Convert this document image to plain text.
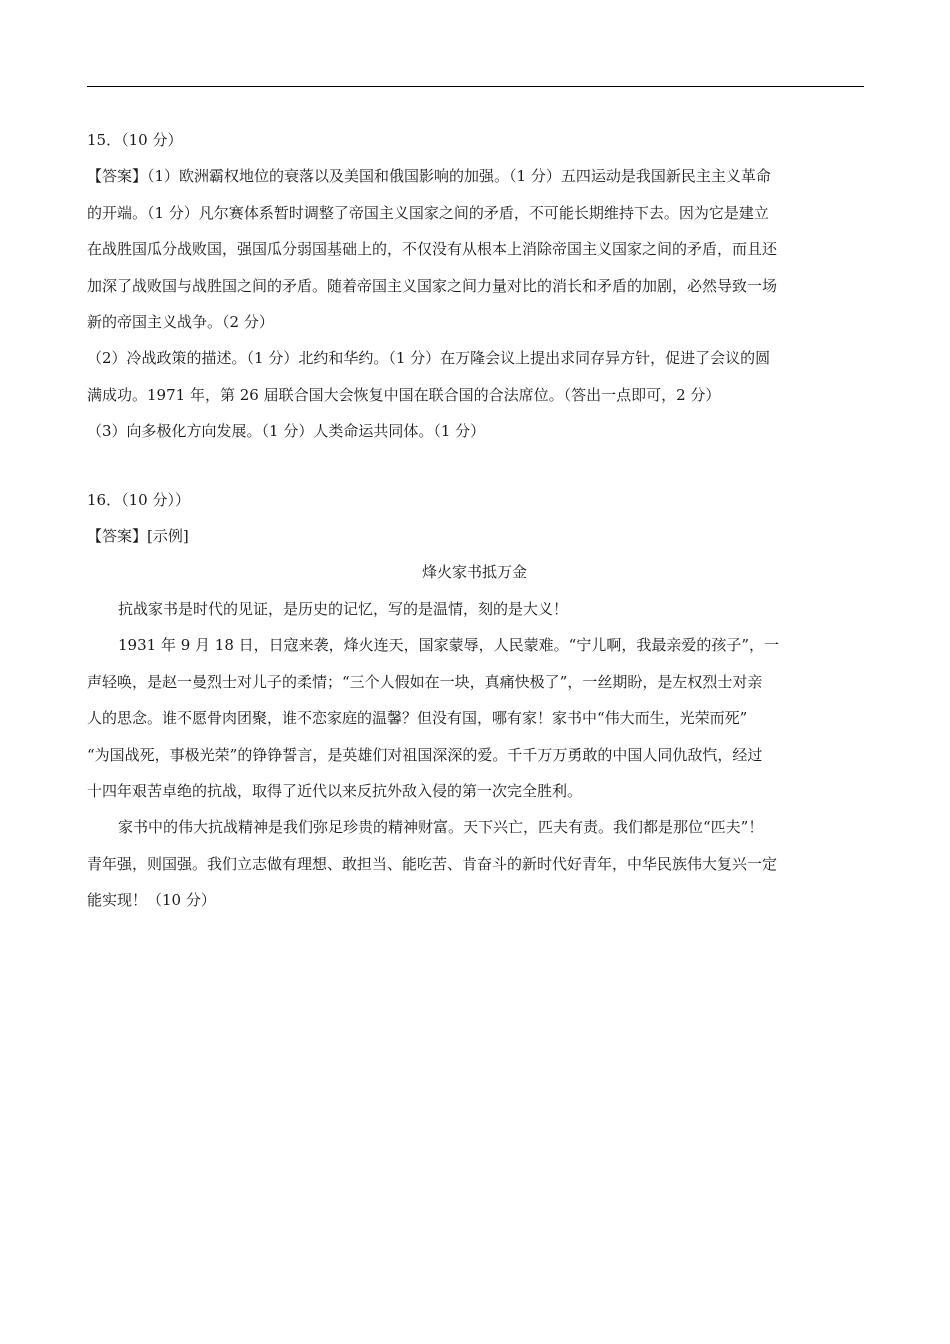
15．（10 分）
【答案】（1）欧洲霸权地位的衰落以及美国和俄国影响的加强。（1 分）五四运动是我国新民主主义革命
的开端。（1 分）凡尔赛体系暂时调整了帝国主义国家之间的矛盾，不可能长期维持下去。因为它是建立
在战胜国瓜分战败国，强国瓜分弱国基础上的，不仅没有从根本上消除帝国主义国家之间的矛盾，而且还
加深了战败国与战胜国之间的矛盾。随着帝国主义国家之间力量对比的消长和矛盾的加剧，必然导致一场
新的帝国主义战争。（2 分）
（2）冷战政策的描述。（1 分）北约和华约。（1 分）在万隆会议上提出求同存异方针，促进了会议的圆
满成功。1971 年，第 26 届联合国大会恢复中国在联合国的合法席位。（答出一点即可，2 分）
（3）向多极化方向发展。（1 分）人类命运共同体。（1 分）
16．（10 分））
【答案】[示例]
烽火家书抵万金
抗战家书是时代的见证，是历史的记忆，写的是温情，刻的是大义！
1931 年 9 月 18 日，日寇来袭，烽火连天，国家蒙辱，人民蒙难。“宁儿啊，我最亲爱的孩子”，一
声轻唤，是赵一曼烈士对儿子的柔情；“三个人假如在一块，真痛快极了”，一丝期盼，是左权烈士对亲
人的思念。谁不愿骨肉团聚，谁不恋家庭的温馨？但没有国，哪有家！家书中“伟大而生，光荣而死”
“为国战死，事极光荣”的铮铮誓言，是英雄们对祖国深深的爱。千千万万勇敢的中国人同仇敌忾，经过
十四年艰苦卓绝的抗战，取得了近代以来反抗外敌入侵的第一次完全胜利。
家书中的伟大抗战精神是我们弥足珍贵的精神财富。天下兴亡，匹夫有责。我们都是那位“匹夫”！
青年强，则国强。我们立志做有理想、敢担当、能吃苦、肯奋斗的新时代好青年，中华民族伟大复兴一定
能实现！（10 分）
